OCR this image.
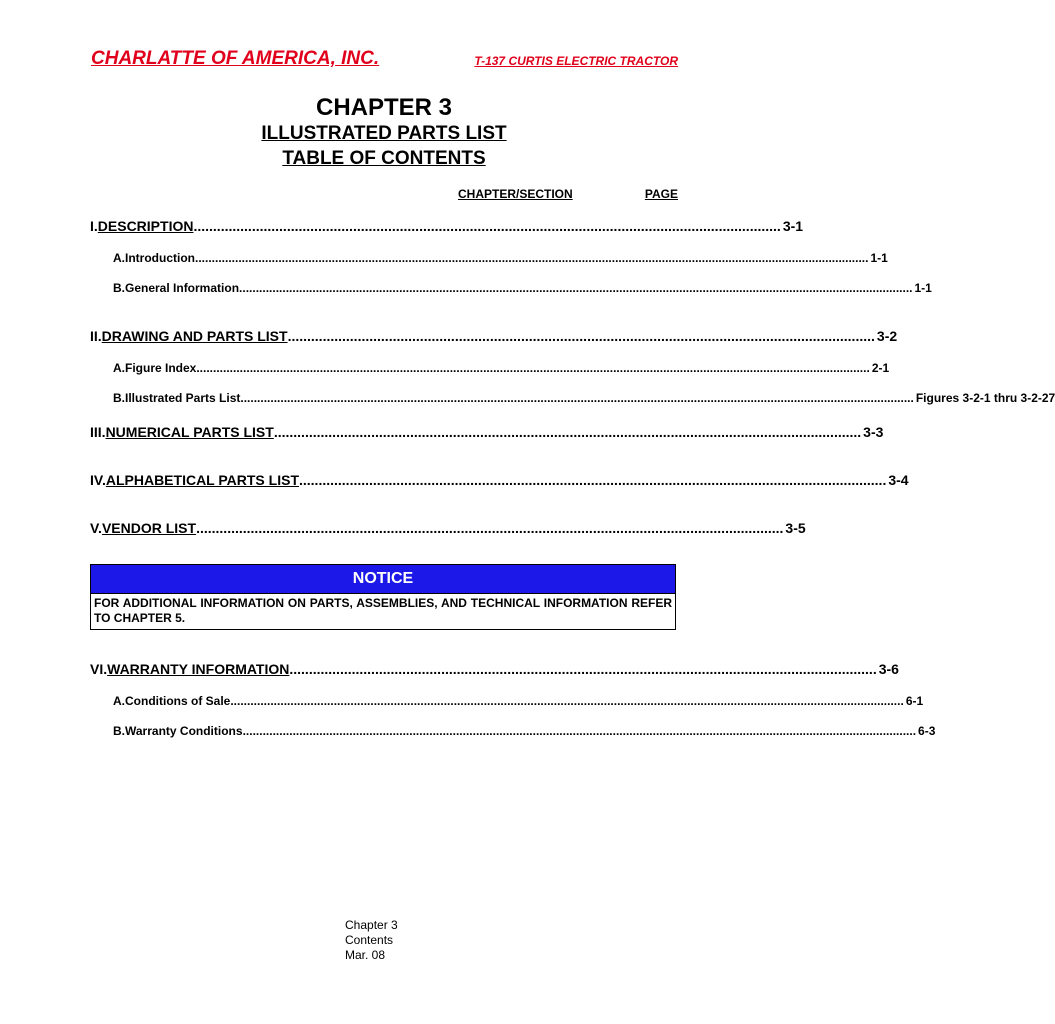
CHARLATTE OF AMERICA, INC.	T-137 CURTIS ELECTRIC TRACTOR
CHAPTER 3
ILLUSTRATED PARTS LIST
TABLE OF CONTENTS
CHAPTER/SECTION	PAGE
I. DESCRIPTION ....................................................................................................................................................... 3-1
A. Introduction .......................................................................................................................................................................................................... 1-1
B. General Information .......................................................................................................................................................................................................... 1-1
II. DRAWING AND PARTS LIST ....................................................................................................................................................... 3-2
A. Figure Index .......................................................................................................................................................................................................... 2-1
B. Illustrated Parts List .......................................................................................................................................................................................................... Figures 3-2-1 thru 3-2-27
III. NUMERICAL PARTS LIST ....................................................................................................................................................... 3-3
IV. ALPHABETICAL PARTS LIST ....................................................................................................................................................... 3-4
V. VENDOR LIST ....................................................................................................................................................... 3-5
NOTICE
FOR ADDITIONAL INFORMATION ON PARTS, ASSEMBLIES, AND TECHNICAL INFORMATION REFER TO CHAPTER 5.
VI. WARRANTY INFORMATION ....................................................................................................................................................... 3-6
A. Conditions of Sale .......................................................................................................................................................................................................... 6-1
B. Warranty Conditions .......................................................................................................................................................................................................... 6-3
Chapter 3
Contents
Mar. 08
